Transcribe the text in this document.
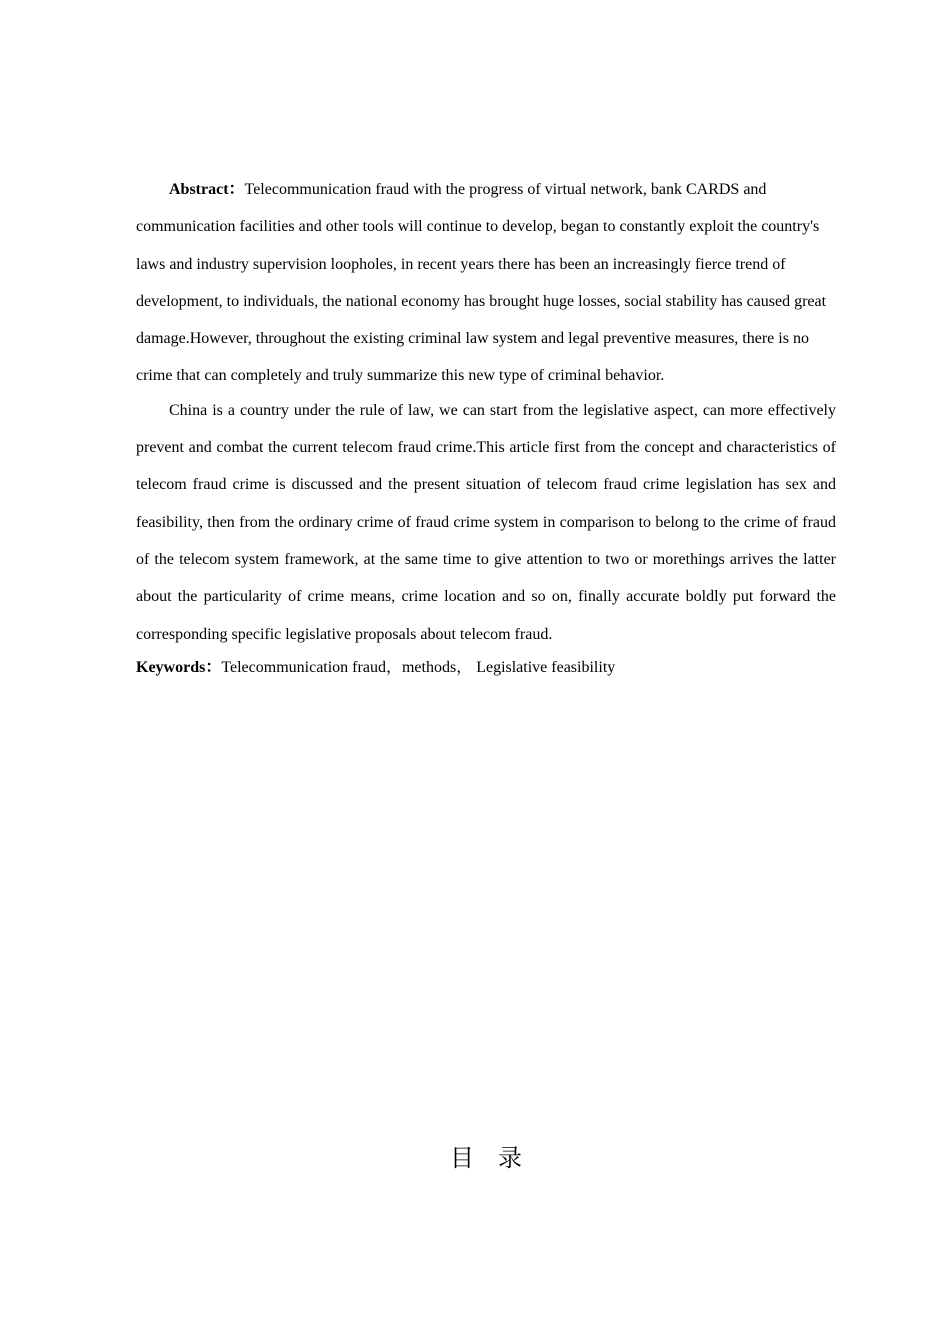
Abstract：Telecommunication fraud with the progress of virtual network, bank CARDS and communication facilities and other tools will continue to develop, began to constantly exploit the country's laws and industry supervision loopholes, in recent years there has been an increasingly fierce trend of development, to individuals, the national economy has brought huge losses, social stability has caused great damage.However, throughout the existing criminal law system and legal preventive measures, there is no crime that can completely and truly summarize this new type of criminal behavior.

China is a country under the rule of law, we can start from the legislative aspect, can more effectively prevent and combat the current telecom fraud crime.This article first from the concept and characteristics of telecom fraud crime is discussed and the present situation of telecom fraud crime legislation has sex and feasibility, then from the ordinary crime of fraud crime system in comparison to belong to the crime of fraud of the telecom system framework, at the same time to give attention to two or morethings arrives the latter about the particularity of crime means, crime location and so on, finally accurate boldly put forward the corresponding specific legislative proposals about telecom fraud.

Keywords：Telecommunication fraud，methods， Legislative feasibility

目　录
